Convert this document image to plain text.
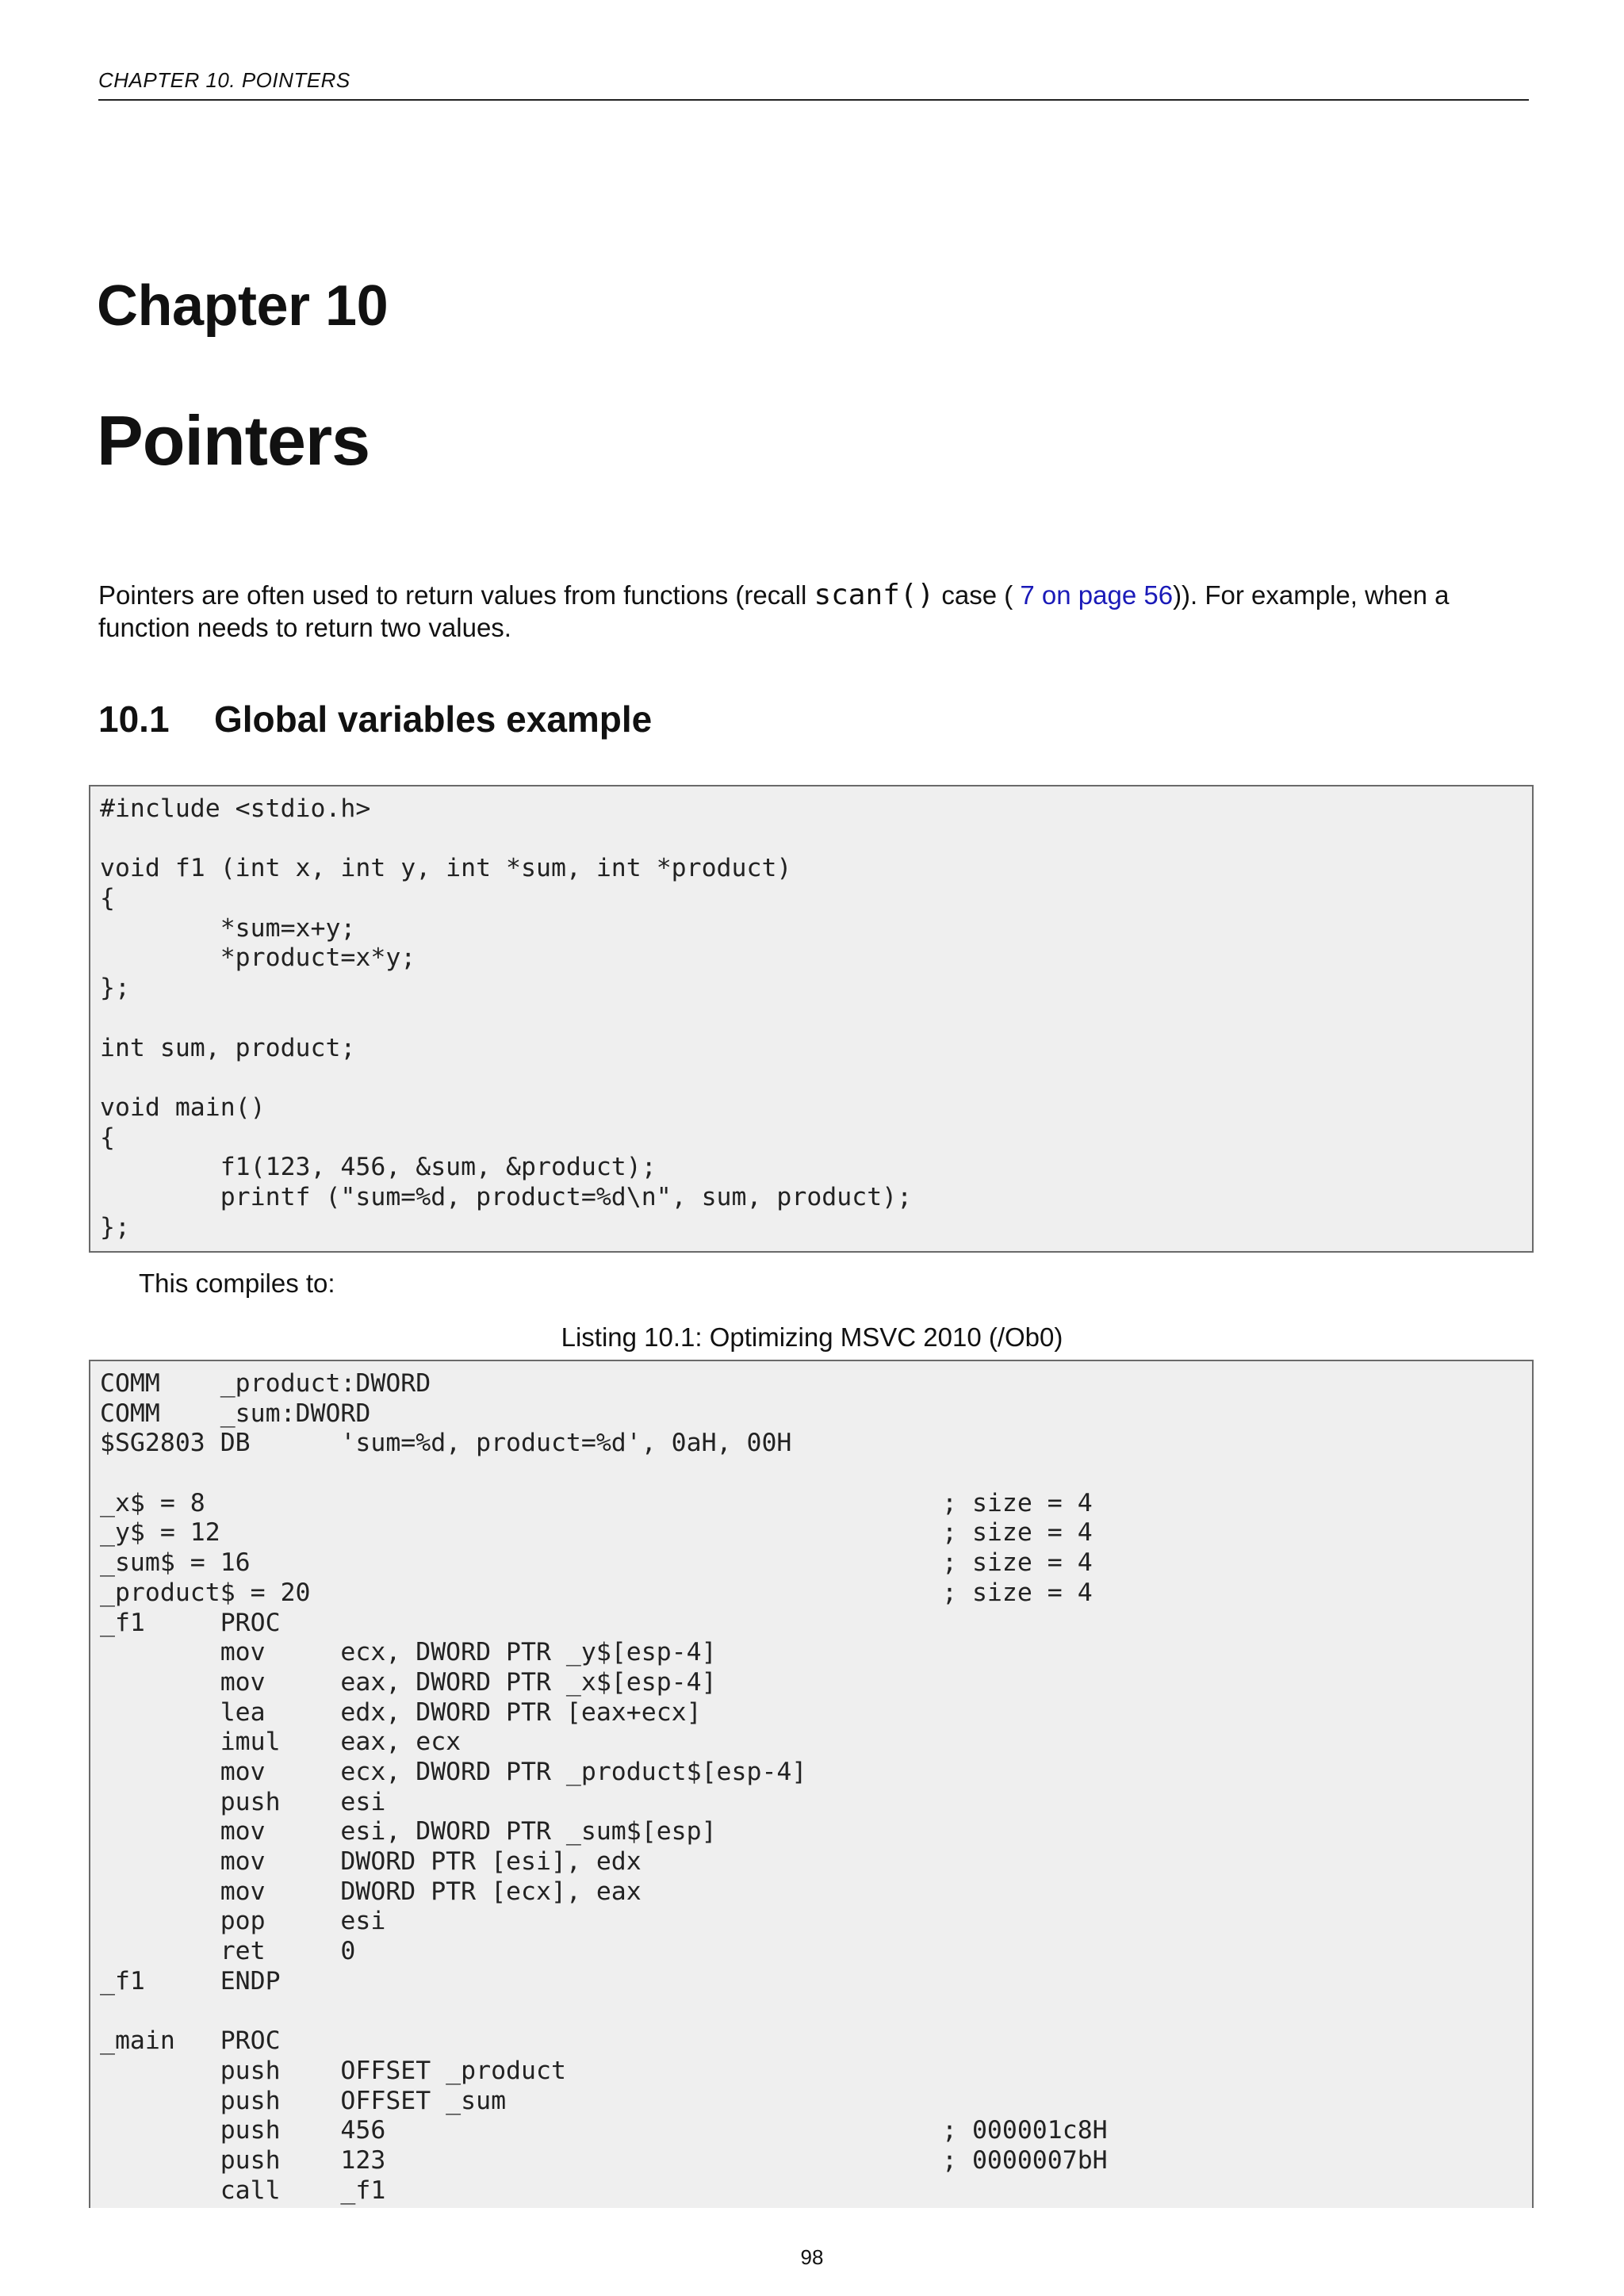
CHAPTER 10. POINTERS
Chapter 10
Pointers

Pointers are often used to return values from functions (recall scanf() case ( 7 on page 56)). For example, when a function needs to return two values.

10.1 Global variables example
#include <stdio.h>
void f1 (int x, int y, int *sum, int *product)
{
*sum=x+y;
*product=x*y;
};
int sum, product;
void main()
{
f1(123, 456, &sum, &product);
printf ("sum=%d, product=%d\n", sum, product);
};
This compiles to:
Listing 10.1: Optimizing MSVC 2010 (/Ob0)
COMM    _product:DWORD
COMM    _sum:DWORD
$SG2803 DB      'sum=%d, product=%d', 0aH, 00H
_x$ = 8                                                 ; size = 4
_y$ = 12                                                ; size = 4
_sum$ = 16                                              ; size = 4
_product$ = 20                                          ; size = 4
_f1     PROC
mov     ecx, DWORD PTR _y$[esp-4]
mov     eax, DWORD PTR _x$[esp-4]
lea     edx, DWORD PTR [eax+ecx]
imul    eax, ecx
mov     ecx, DWORD PTR _product$[esp-4]
push    esi
mov     esi, DWORD PTR _sum$[esp]
mov     DWORD PTR [esi], edx
mov     DWORD PTR [ecx], eax
pop     esi
ret     0
_f1     ENDP
_main   PROC
push    OFFSET _product
push    OFFSET _sum
push    456                                     ; 000001c8H
push    123                                     ; 0000007bH
call    _f1
98
